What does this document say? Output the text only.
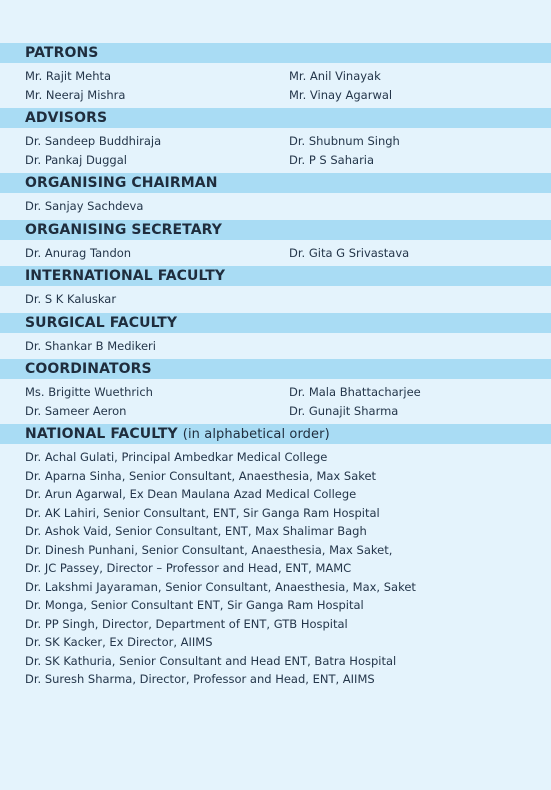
PATRONS
Mr. Rajit Mehta	Mr. Anil Vinayak
Mr. Neeraj Mishra	Mr. Vinay Agarwal
ADVISORS
Dr. Sandeep Buddhiraja	Dr. Shubnum Singh
Dr. Pankaj Duggal	Dr. P S Saharia
ORGANISING CHAIRMAN
Dr. Sanjay Sachdeva
ORGANISING SECRETARY
Dr. Anurag Tandon	Dr. Gita G Srivastava
INTERNATIONAL FACULTY
Dr. S K Kaluskar
SURGICAL FACULTY
Dr. Shankar B Medikeri
COORDINATORS
Ms. Brigitte Wuethrich	Dr. Mala Bhattacharjee
Dr. Sameer Aeron	Dr. Gunajit Sharma
NATIONAL FACULTY (in alphabetical order)
Dr. Achal Gulati, Principal Ambedkar Medical College
Dr. Aparna Sinha, Senior Consultant, Anaesthesia, Max Saket
Dr. Arun Agarwal, Ex Dean Maulana Azad Medical College
Dr. AK Lahiri, Senior Consultant, ENT, Sir Ganga Ram Hospital
Dr. Ashok Vaid, Senior Consultant, ENT, Max Shalimar Bagh
Dr. Dinesh Punhani, Senior Consultant, Anaesthesia, Max Saket,
Dr. JC Passey, Director – Professor and Head, ENT, MAMC
Dr. Lakshmi Jayaraman, Senior Consultant, Anaesthesia, Max, Saket
Dr. Monga, Senior Consultant ENT, Sir Ganga Ram Hospital
Dr. PP Singh, Director, Department of ENT, GTB Hospital
Dr. SK Kacker, Ex Director, AIIMS
Dr. SK Kathuria, Senior Consultant and Head ENT, Batra Hospital
Dr. Suresh Sharma, Director, Professor and Head, ENT, AIIMS
